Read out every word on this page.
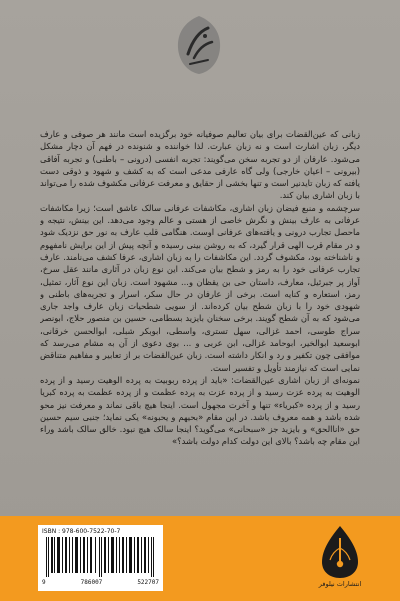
زبانی که عین‌القضات برای بیان تعالیم صوفیانه خود برگزیده است مانند هر صوفی و عارف دیگر، زبان اشارت است و نه زبان عبارت. لذا خواننده و شنونده در فهم آن دچار مشکل می‌شود. عارفان از دو تجربه سخن می‌گویند: تجربه انفسی (درونی – باطنی) و تجربه آفاقی (بیرونی – اعیان خارجی) ولی گاه عارفی مدعی است که به کشف و شهود و ذوقی دست یافته که زبان تایدنیر است و تنها بخشی از حقایق و معرفت عرفانی مکشوف شده را می‌تواند با زبان اشاری بیان کند.

سرچشمه و منبع فیضان زبان اشاری، مکاشفات عرفانی سالک عاشق است؛ زیرا مکاشفات عرفانی به عارف بینش و نگرش خاصی از هستی و عالم وجود می‌دهد. این بینش، نتیجه و ماحصل تجارب درونی و یافته‌های عرفانی اوست. هنگامی قلب عارف به نور حق نزدیک شود و در مقام قرب الهی قرار گیرد، که به روشن بینی رسیده و آنچه پیش از این برایش نامفهوم و ناشناخته بود، مکشوف گردد. این مکاشفات را به زبان اشاری، عرفا کشف می‌نامند. عارف تجارب عرفانی خود را به رمز و شطح بیان می‌کند. این نوع زبان در آثاری مانند عقل سرخ، آواز پر جبرئیل، معارف، داستان حی بن یقظان و... مشهود است. زبان این نوع آثار، تمثیل، رمز، استعاره و کنایه است. برخی از عارفان در حال سکر، اسرار و تجربه‌های باطنی و شهودی خود را با زبان شطح بیان کرده‌اند. از سویی شطحیات زبان عارف واجد جاری می‌شود که به آن شطح گویند. برخی سخنان بایزید بسطامی، حسین بن منصور حلاج، ابونصر سراج طوسی، احمد غزالی، سهل تستری، واسطی، ابوبکر شبلی، ابوالحسن خرقانی، ابوسعید ابوالخیر، ابوحامد غزالی، ابن عربی و ... بوی دعوی از آن به مشام می‌رسد که موافقی چون تکفیر و رد و انکار داشته است. زبان عین‌القضات بر از تعابیر و مفاهیم متناقض نمایی است که نیازمند تأویل و تفسیر است.

نمونه‌ای از زبان اشاری عین‌القضات: «باید از پرده ربوبیت به پرده الوهیت رسید و از پرده الوهیت به پرده عزت رسید و از پرده عزت به پرده عظمت و از پرده عظمت به پرده کبریا رسید و از پرده «کبریاء» تنها و آخرت مجهول است. اینجا هیچ باقی نماند و معرفت نیز محو شده باشد و همه معروف باشد. در این مقام «بحیهم و یحبونه» یکی نماید؛ جنبی سیم حسین حق «اناالحق» و بایزید جز «سبحانی» می‌گوید؟ اینجا سالک هیچ نبود. خالق سالک باشد وراء این مقام چه باشد؟ بالای این دولت کدام دولت باشد؟»

ISBN : 978-600-7522-70-7
9	786007	522707	انتشارات نیلوفر
